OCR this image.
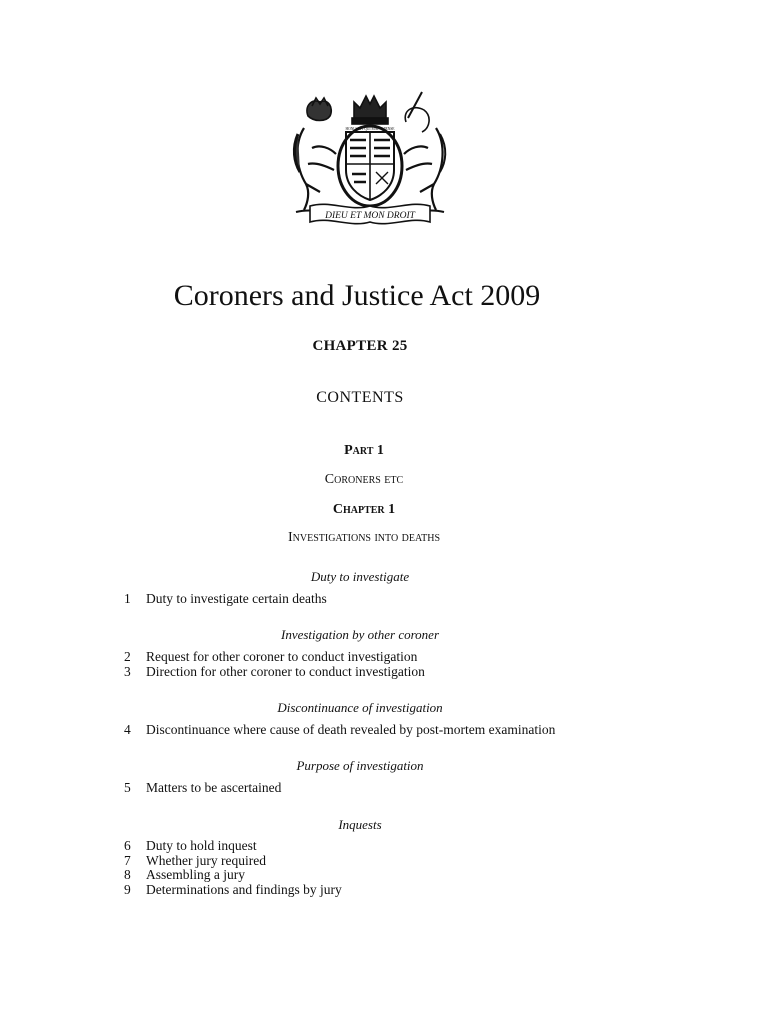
DIEU ET MON DROIT
HONI SOIT QUI MAL Y PENSE
Coroners and Justice Act 2009
CHAPTER 25
CONTENTS
Part 1
Coroners etc
Chapter 1
Investigations into deaths
Duty to investigate
1 Duty to investigate certain deaths
Investigation by other coroner
2 Request for other coroner to conduct investigation
3 Direction for other coroner to conduct investigation
Discontinuance of investigation
4 Discontinuance where cause of death revealed by post-mortem examination
Purpose of investigation
5 Matters to be ascertained
Inquests
6 Duty to hold inquest
7 Whether jury required
8 Assembling a jury
9 Determinations and findings by jury
